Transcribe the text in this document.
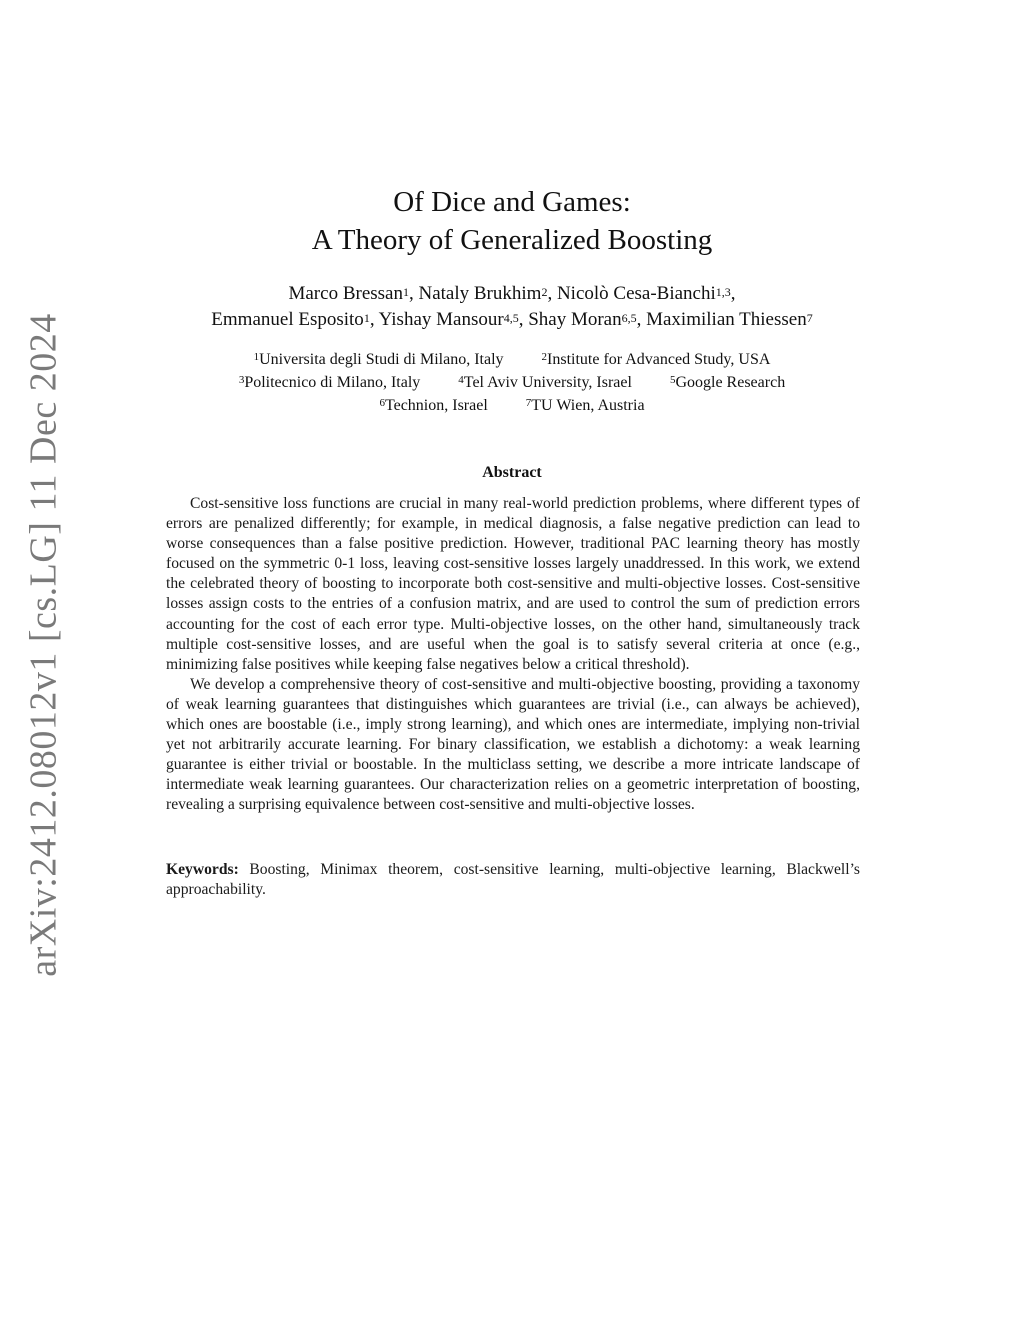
arXiv:2412.08012v1 [cs.LG] 11 Dec 2024
Of Dice and Games:
A Theory of Generalized Boosting
Marco Bressan$^1$, Nataly Brukhim$^2$, Nicolò Cesa-Bianchi$^{1,3}$,
Emmanuel Esposito$^1$, Yishay Mansour$^{4,5}$, Shay Moran$^{6,5}$, Maximilian Thiessen$^7$
$^1$Universita degli Studi di Milano, Italy	$^2$Institute for Advanced Study, USA
$^3$Politecnico di Milano, Italy	$^4$Tel Aviv University, Israel	$^5$Google Research
$^6$Technion, Israel	$^7$TU Wien, Austria
Abstract

Cost-sensitive loss functions are crucial in many real-world prediction problems, where different types of errors are penalized differently; for example, in medical diagnosis, a false negative prediction can lead to worse consequences than a false positive prediction. However, traditional PAC learning theory has mostly focused on the symmetric 0-1 loss, leaving cost-sensitive losses largely unaddressed. In this work, we extend the celebrated theory of boosting to incorporate both cost-sensitive and multi-objective losses. Cost-sensitive losses assign costs to the entries of a confusion matrix, and are used to control the sum of prediction errors accounting for the cost of each error type. Multi-objective losses, on the other hand, simultaneously track multiple cost-sensitive losses, and are useful when the goal is to satisfy several criteria at once (e.g., minimizing false positives while keeping false negatives below a critical threshold).

We develop a comprehensive theory of cost-sensitive and multi-objective boosting, providing a taxonomy of weak learning guarantees that distinguishes which guarantees are trivial (i.e., can always be achieved), which ones are boostable (i.e., imply strong learning), and which ones are intermediate, implying non-trivial yet not arbitrarily accurate learning. For binary classification, we establish a dichotomy: a weak learning guarantee is either trivial or boostable. In the multiclass setting, we describe a more intricate landscape of intermediate weak learning guarantees. Our characterization relies on a geometric interpretation of boosting, revealing a surprising equivalence between cost-sensitive and multi-objective losses.

Keywords: Boosting, Minimax theorem, cost-sensitive learning, multi-objective learning, Blackwell’s approachability.
